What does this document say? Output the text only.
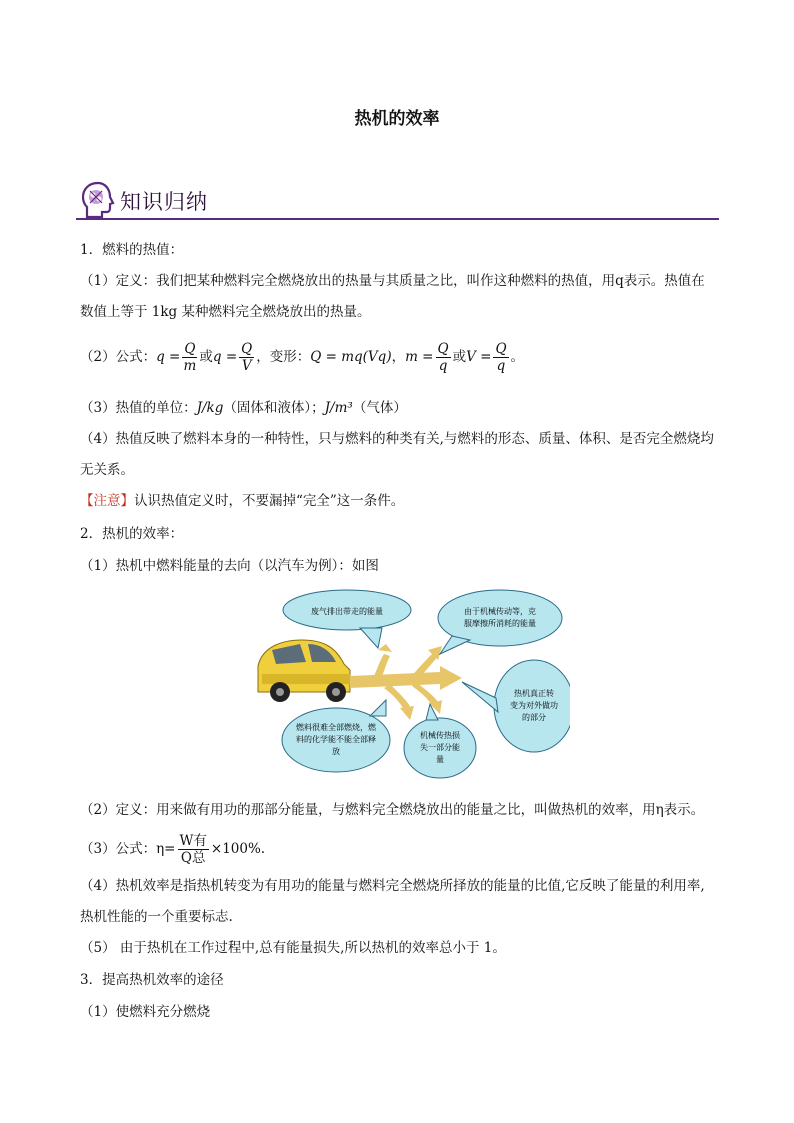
热机的效率
知识归纳
1．燃料的热值：
（1）定义：我们把某种燃料完全燃烧放出的热量与其质量之比，叫作这种燃料的热值，用q表示。热值在
数值上等于 1kg 某种燃料完全燃烧放出的热量。
（2）公式：$q = \frac{Q}{m}$ 或$q = \frac{Q}{V}$ ，变形：Q = mq(Vq)，$m = \frac{Q}{q}$ 或$V = \frac{Q}{q}$ 。
（3）热值的单位：J/kg（固体和液体）；J/m³（气体）
（4）热值反映了燃料本身的一种特性，只与燃料的种类有关,与燃料的形态、质量、体积、是否完全燃烧均
无关系。
【注意】认识热值定义时，不要漏掉“完全”这一条件。
2．热机的效率：
（1）热机中燃料能量的去向（以汽车为例）：如图
废气排出带走的能量	由于机械传动等，克
服摩擦所消耗的能量
热机真正转
变为对外做功
的部分
燃料很难全部燃烧，燃
料的化学能不能全部释
放
机械传热损
失一部分能
量
（2）定义：用来做有用功的那部分能量，与燃料完全燃烧放出的能量之比，叫做热机的效率，用η表示。
（3）公式：$\eta= \frac{\text{W有}}{\text{Q总}} \times 100\%$.
（4）热机效率是指热机转变为有用功的能量与燃料完全燃烧所择放的能量的比值,它反映了能量的利用率,
热机性能的一个重要标志.
（5） 由于热机在工作过程中,总有能量损失,所以热机的效率总小于 1。
3．提高热机效率的途径
（1）使燃料充分燃烧
